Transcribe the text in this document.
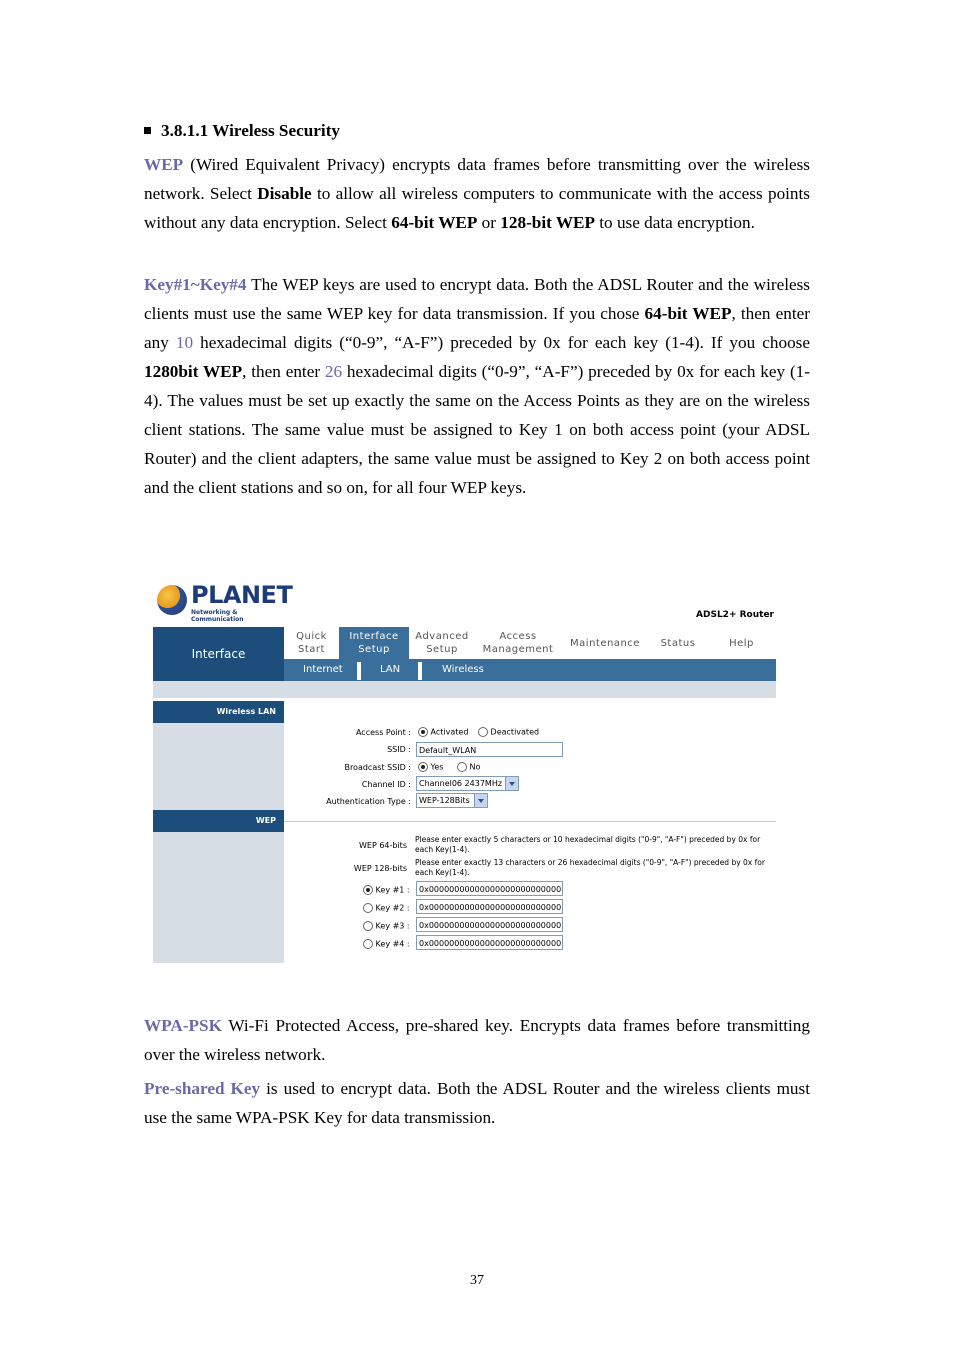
3.8.1.1 Wireless Security
WEP (Wired Equivalent Privacy) encrypts data frames before transmitting over the wireless network. Select Disable to allow all wireless computers to communicate with the access points without any data encryption. Select 64-bit WEP or 128-bit WEP to use data encryption.
Key#1~Key#4 The WEP keys are used to encrypt data. Both the ADSL Router and the wireless clients must use the same WEP key for data transmission. If you chose 64-bit WEP, then enter any 10 hexadecimal digits (“0-9”, “A-F”) preceded by 0x for each key (1-4). If you choose 1280bit WEP, then enter 26 hexadecimal digits (“0-9”, “A-F”) preceded by 0x for each key (1-4). The values must be set up exactly the same on the Access Points as they are on the wireless client stations. The same value must be assigned to Key 1 on both access point (your ADSL Router) and the client adapters, the same value must be assigned to Key 2 on both access point and the client stations and so on, for all four WEP keys.
PLANET
Networking & Communication	ADSL2+ Router
Interface
Quick
Start
Interface
Setup
Advanced
Setup
Access
Management
Maintenance Status	Help
Internet	LAN	Wireless
Wireless LAN
WEP
Access Point :	Activated	Deactivated
SSID :	Default_WLAN
Broadcast SSID :	Yes	No
Channel ID :	Channel06 2437MHz
Authentication Type :	WEP-128Bits
WEP 64-bits
Please enter exactly 5 characters or 10 hexadecimal digits ("0-9", "A-F") preceded by 0x for each Key(1-4).
WEP 128-bits
Please enter exactly 13 characters or 26 hexadecimal digits ("0-9", "A-F") preceded by 0x for each Key(1-4).
Key #1 :	0x00000000000000000000000000
Key #2 :	0x00000000000000000000000000
Key #3 :	0x00000000000000000000000000
Key #4 :	0x00000000000000000000000000
WPA-PSK Wi-Fi Protected Access, pre-shared key. Encrypts data frames before transmitting over the wireless network.
Pre-shared Key is used to encrypt data. Both the ADSL Router and the wireless clients must use the same WPA-PSK Key for data transmission.
37
